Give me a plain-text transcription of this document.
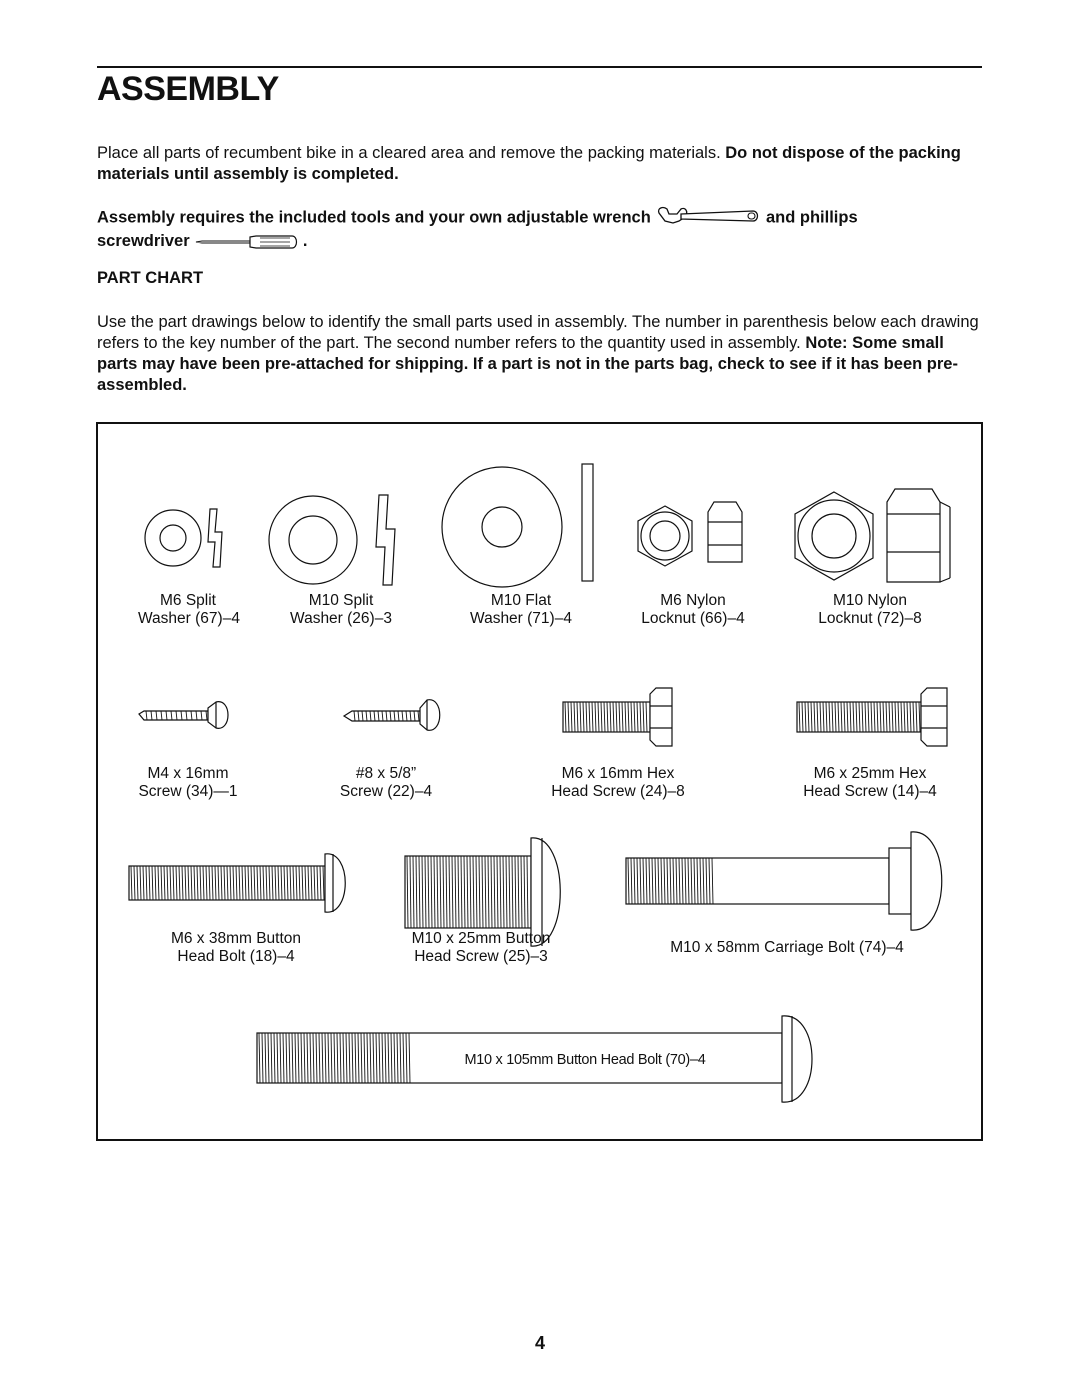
ASSEMBLY

Place all parts of recumbent bike in a cleared area and remove the packing materials. Do not dispose of the packing materials until assembly is completed.

Assembly requires the included tools and your own adjustable wrench	and phillips
screwdriver	.

PART CHART

Use the part drawings below to identify the small parts used in assembly. The number in parenthesis below each drawing refers to the key number of the part. The second number refers to the quantity used in assembly. Note: Some small parts may have been pre-attached for shipping. If a part is not in the parts bag, check to see if it has been pre-assembled.

M6 Split
Washer (67)–4
M10 Split
Washer (26)–3
M10 Flat
Washer (71)–4
M6 Nylon
Locknut (66)–4
M10 Nylon
Locknut (72)–8
M4 x 16mm
Screw (34)—1
#8 x 5/8”
Screw (22)–4
M6 x 16mm Hex
Head Screw (24)–8
M6 x 25mm Hex
Head Screw (14)–4
M6 x 38mm Button
Head Bolt (18)–4
M10 x 25mm Button
Head Screw (25)–3
M10 x 58mm Carriage Bolt (74)–4
M10 x 105mm Button Head Bolt (70)–4
4
